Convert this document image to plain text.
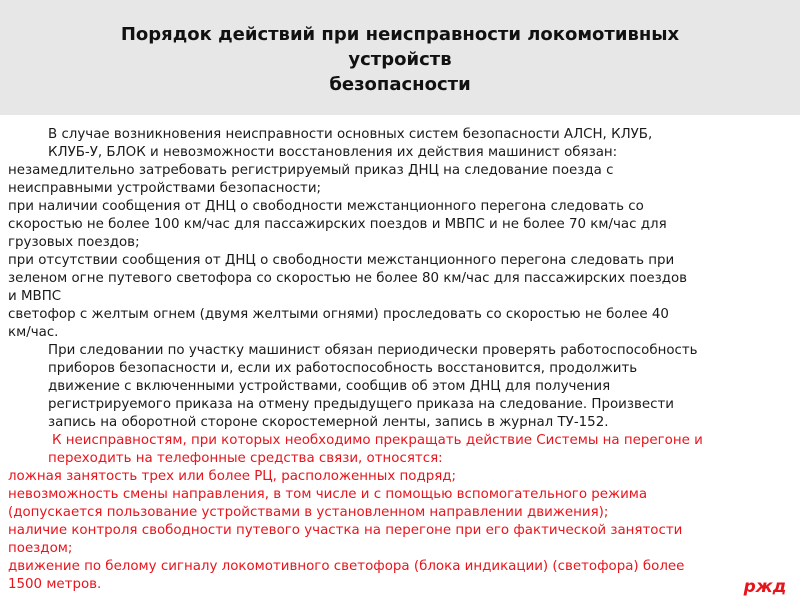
Порядок действий при неисправности локомотивных
устройств
безопасности
В случае возникновения неисправности основных систем безопасности АЛСН, КЛУБ,
КЛУБ-У, БЛОК и невозможности восстановления их действия машинист обязан:
незамедлительно затребовать регистрируемый приказ ДНЦ на следование поезда с
неисправными устройствами безопасности;
при наличии сообщения от ДНЦ о свободности межстанционного перегона следовать со
скоростью не более 100 км/час для пассажирских поездов и МВПС и не более 70 км/час для
грузовых поездов;
при отсутствии сообщения от ДНЦ о свободности межстанционного перегона следовать при
зеленом огне путевого светофора со скоростью не более 80 км/час для пассажирских поездов
и МВПС
светофор с желтым огнем (двумя желтыми огнями) проследовать со скоростью не более 40
км/час.
При следовании по участку машинист обязан периодически проверять работоспособность
приборов безопасности и, если их работоспособность восстановится, продолжить
движение с включенными устройствами, сообщив об этом ДНЦ для получения
регистрируемого приказа на отмену предыдущего приказа на следование. Произвести
запись на оборотной стороне скоростемерной ленты, запись в журнал ТУ-152.
К неисправностям, при которых необходимо прекращать действие Системы на перегоне и
переходить на телефонные средства связи, относятся:
ложная занятость трех или более РЦ, расположенных подряд;
невозможность смены направления, в том числе и с помощью вспомогательного режима
(допускается пользование устройствами в установленном направлении движения);
наличие контроля свободности путевого участка на перегоне при его фактической занятости
поездом;
движение по белому сигналу локомотивного светофора (блока индикации) (светофора) более
1500 метров.	ржд
